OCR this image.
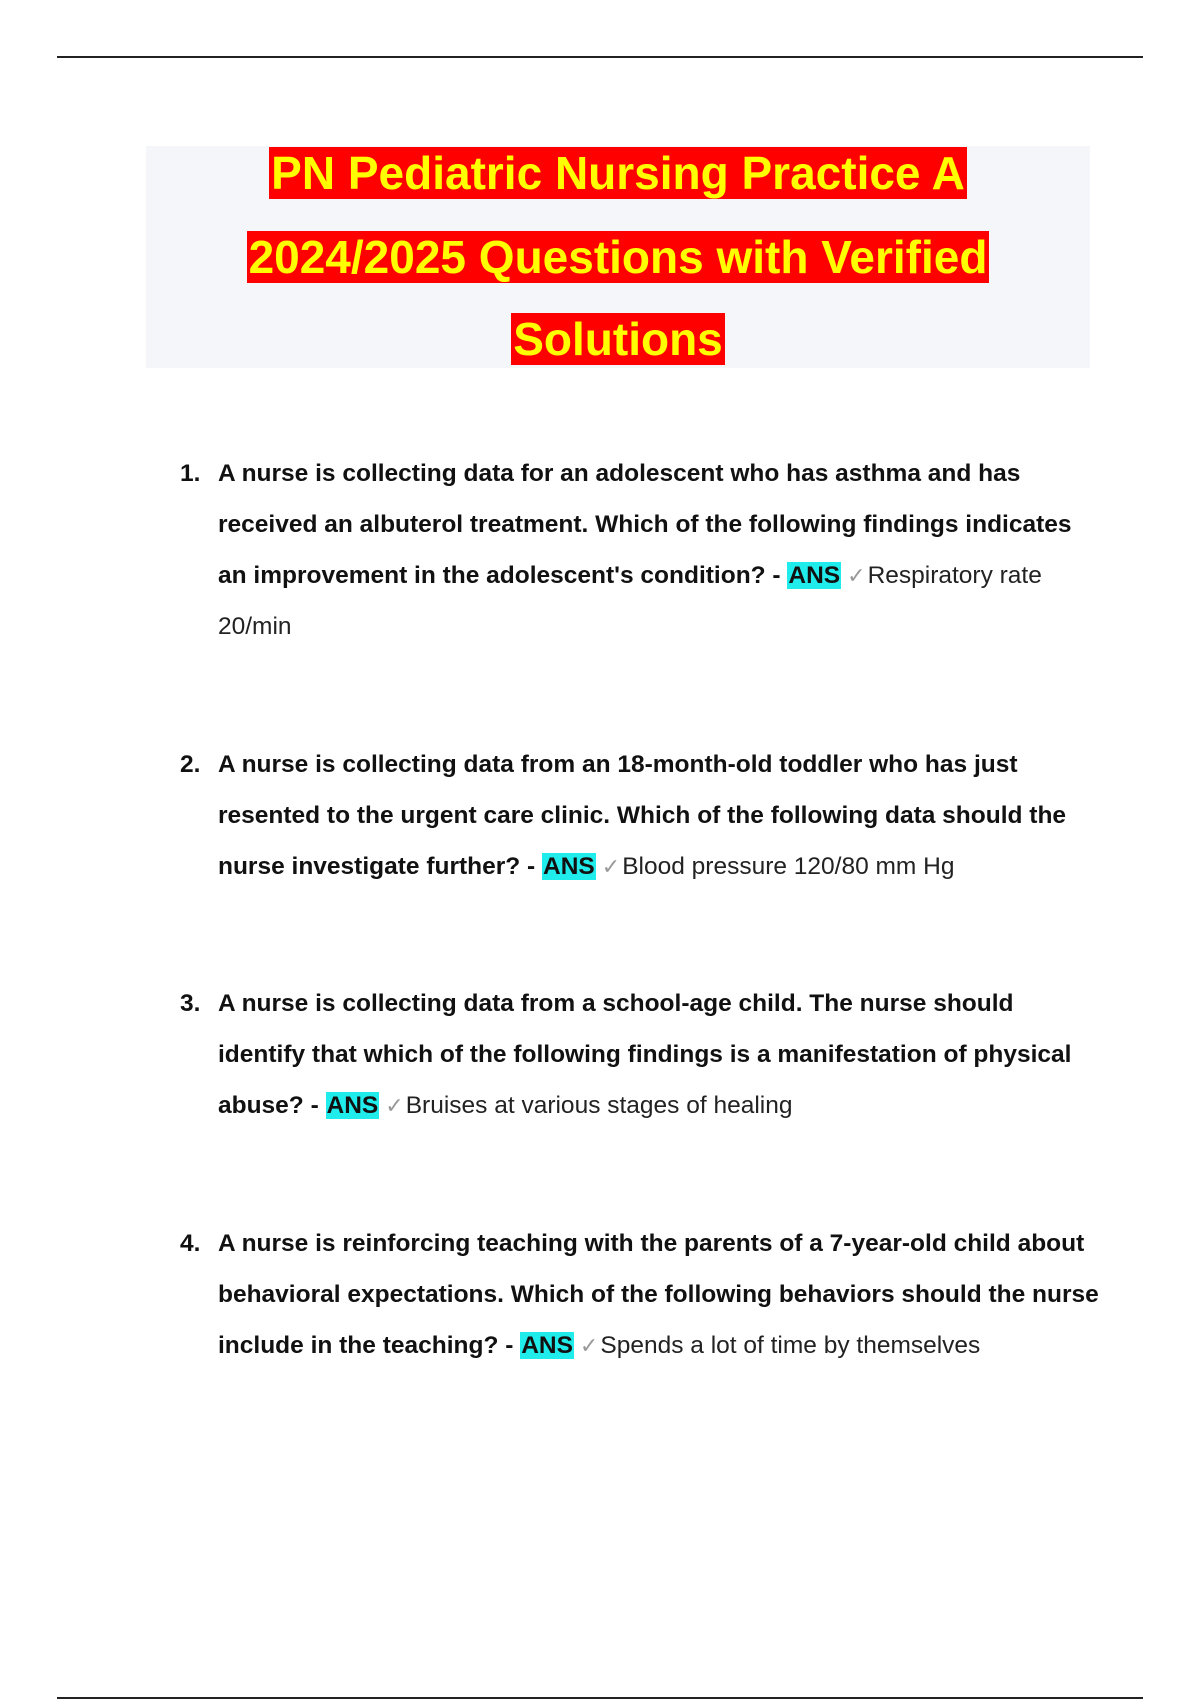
PN Pediatric Nursing Practice A
2024/2025 Questions with Verified
Solutions
1. A nurse is collecting data for an adolescent who has asthma and has received an albuterol treatment. Which of the following findings indicates an improvement in the adolescent's condition? - ANS ✓Respiratory rate 20/min
2. A nurse is collecting data from an 18-month-old toddler who has just resented to the urgent care clinic. Which of the following data should the nurse investigate further? - ANS ✓Blood pressure 120/80 mm Hg
3. A nurse is collecting data from a school-age child. The nurse should identify that which of the following findings is a manifestation of physical abuse? - ANS ✓Bruises at various stages of healing
4. A nurse is reinforcing teaching with the parents of a 7-year-old child about behavioral expectations. Which of the following behaviors should the nurse include in the teaching? - ANS ✓Spends a lot of time by themselves
